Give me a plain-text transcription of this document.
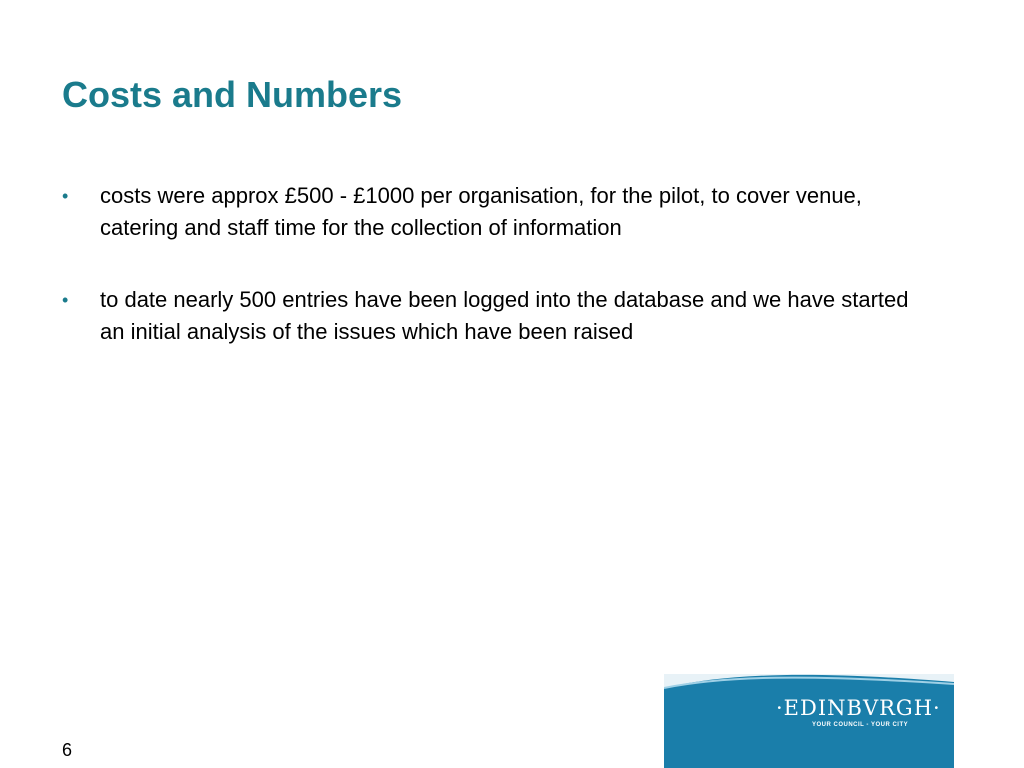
Costs and Numbers
• costs were approx £500 - £1000 per organisation, for the pilot, to cover venue, catering and staff time for the collection of information
• to date nearly 500 entries have been logged into the database and we have started an initial analysis of the issues which have been raised
6
·EDINBVRGH·
YOUR COUNCIL - YOUR CITY
